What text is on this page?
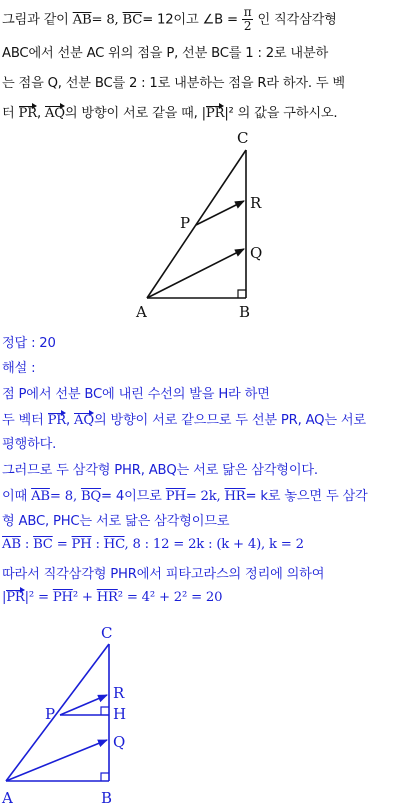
그림과 같이 $\overline{AB}= 8$, $\overline{BC}= 12$이고 ∠B = $\frac{\pi}{2}$ 인 직각삼각형
ABC에서 선분 AC 위의 점을 P, 선분 BC를 1 : 2로 내분하
는 점을 Q, 선분 BC를 2 : 1로 내분하는 점을 R라 하자. 두 벡
터 PR, AQ의 방향이 서로 같을 때, |PR|² 의 값을 구하시오.
C
R
P
Q
A	B
정답 : 20
해설 :
점 P에서 선분 BC에 내린 수선의 발을 H라 하면
두 벡터 PR, AQ의 방향이 서로 같으므로 두 선분 PR, AQ는 서로
평행하다.
그러므로 두 삼각형 PHR, ABQ는 서로 닮은 삼각형이다.
이때 $\overline{AB}= 8$, $\overline{BQ}= 4$이므로 $\overline{PH}= 2k$, $\overline{HR}= k$로 놓으면 두 삼각
형 ABC, PHC는 서로 닮은 삼각형이므로
$\overline{AB}$ : $\overline{BC} = \overline{PH}$ : $\overline{HC}$, 8 : 12 = 2k : (k + 4), k = 2
따라서 직각삼각형 PHR에서 피타고라스의 정리에 의하여
$|PR|^2 = \overline{PH}^2 + \overline{HR}^2 = 4^2 + 2^2 = 20$
C
R
P	H
Q
A	B
